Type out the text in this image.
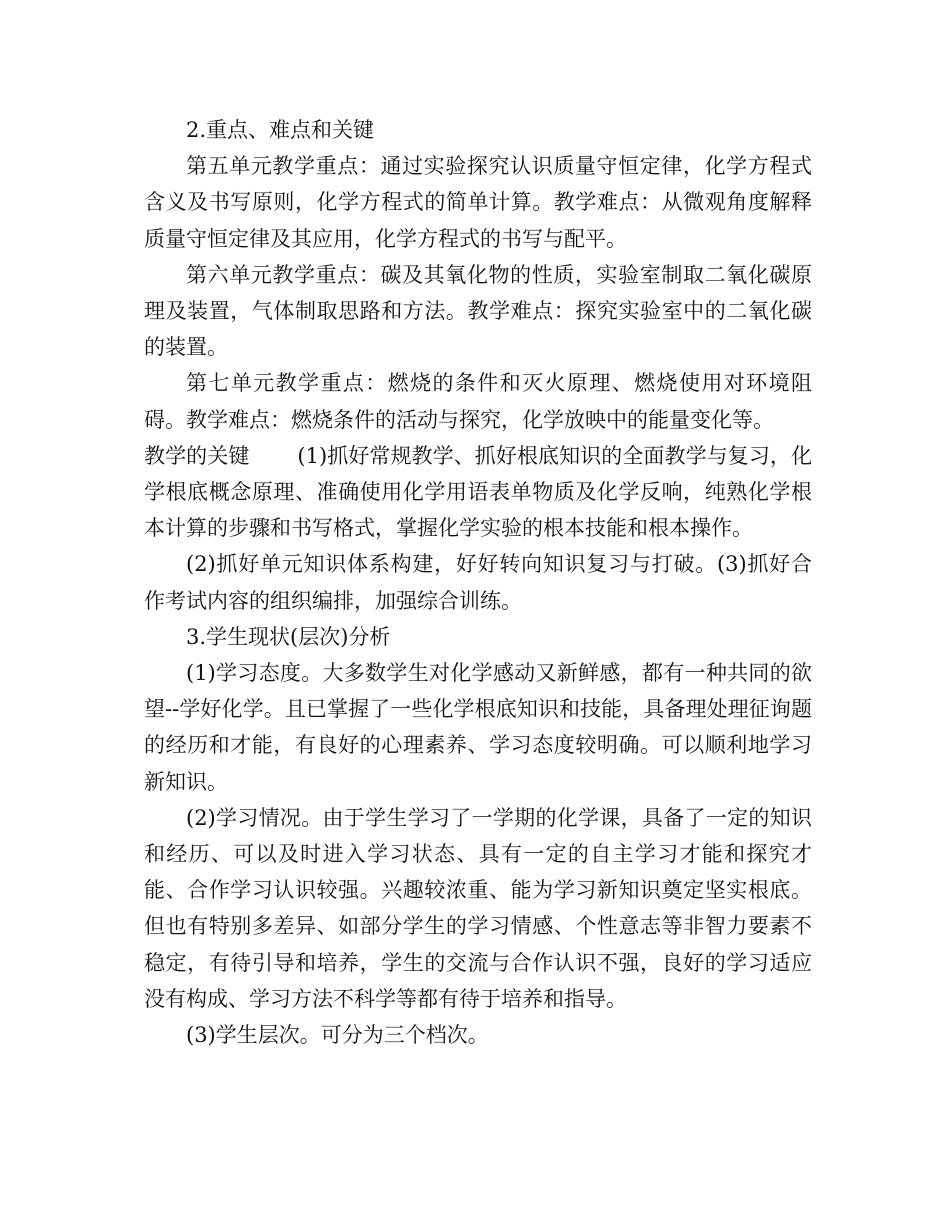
2.重点、难点和关键

第五单元教学重点：通过实验探究认识质量守恒定律，化学方程式含义及书写原则，化学方程式的简单计算。教学难点：从微观角度解释质量守恒定律及其应用，化学方程式的书写与配平。

第六单元教学重点：碳及其氧化物的性质，实验室制取二氧化碳原理及装置，气体制取思路和方法。教学难点：探究实验室中的二氧化碳的装置。

第七单元教学重点：燃烧的条件和灭火原理、燃烧使用对环境阻碍。教学难点：燃烧条件的活动与探究，化学放映中的能量变化等。

教学的关键 (1)抓好常规教学、抓好根底知识的全面教学与复习，化学根底概念原理、准确使用化学用语表单物质及化学反响，纯熟化学根本计算的步骤和书写格式，掌握化学实验的根本技能和根本操作。

(2)抓好单元知识体系构建，好好转向知识复习与打破。(3)抓好合作考试内容的组织编排，加强综合训练。

3.学生现状(层次)分析

(1)学习态度。大多数学生对化学感动又新鲜感，都有一种共同的欲望--学好化学。且已掌握了一些化学根底知识和技能，具备理处理征询题的经历和才能，有良好的心理素养、学习态度较明确。可以顺利地学习新知识。

(2)学习情况。由于学生学习了一学期的化学课，具备了一定的知识和经历、可以及时进入学习状态、具有一定的自主学习才能和探究才能、合作学习认识较强。兴趣较浓重、能为学习新知识奠定坚实根底。但也有特别多差异、如部分学生的学习情感、个性意志等非智力要素不稳定，有待引导和培养，学生的交流与合作认识不强，良好的学习适应没有构成、学习方法不科学等都有待于培养和指导。

(3)学生层次。可分为三个档次。
